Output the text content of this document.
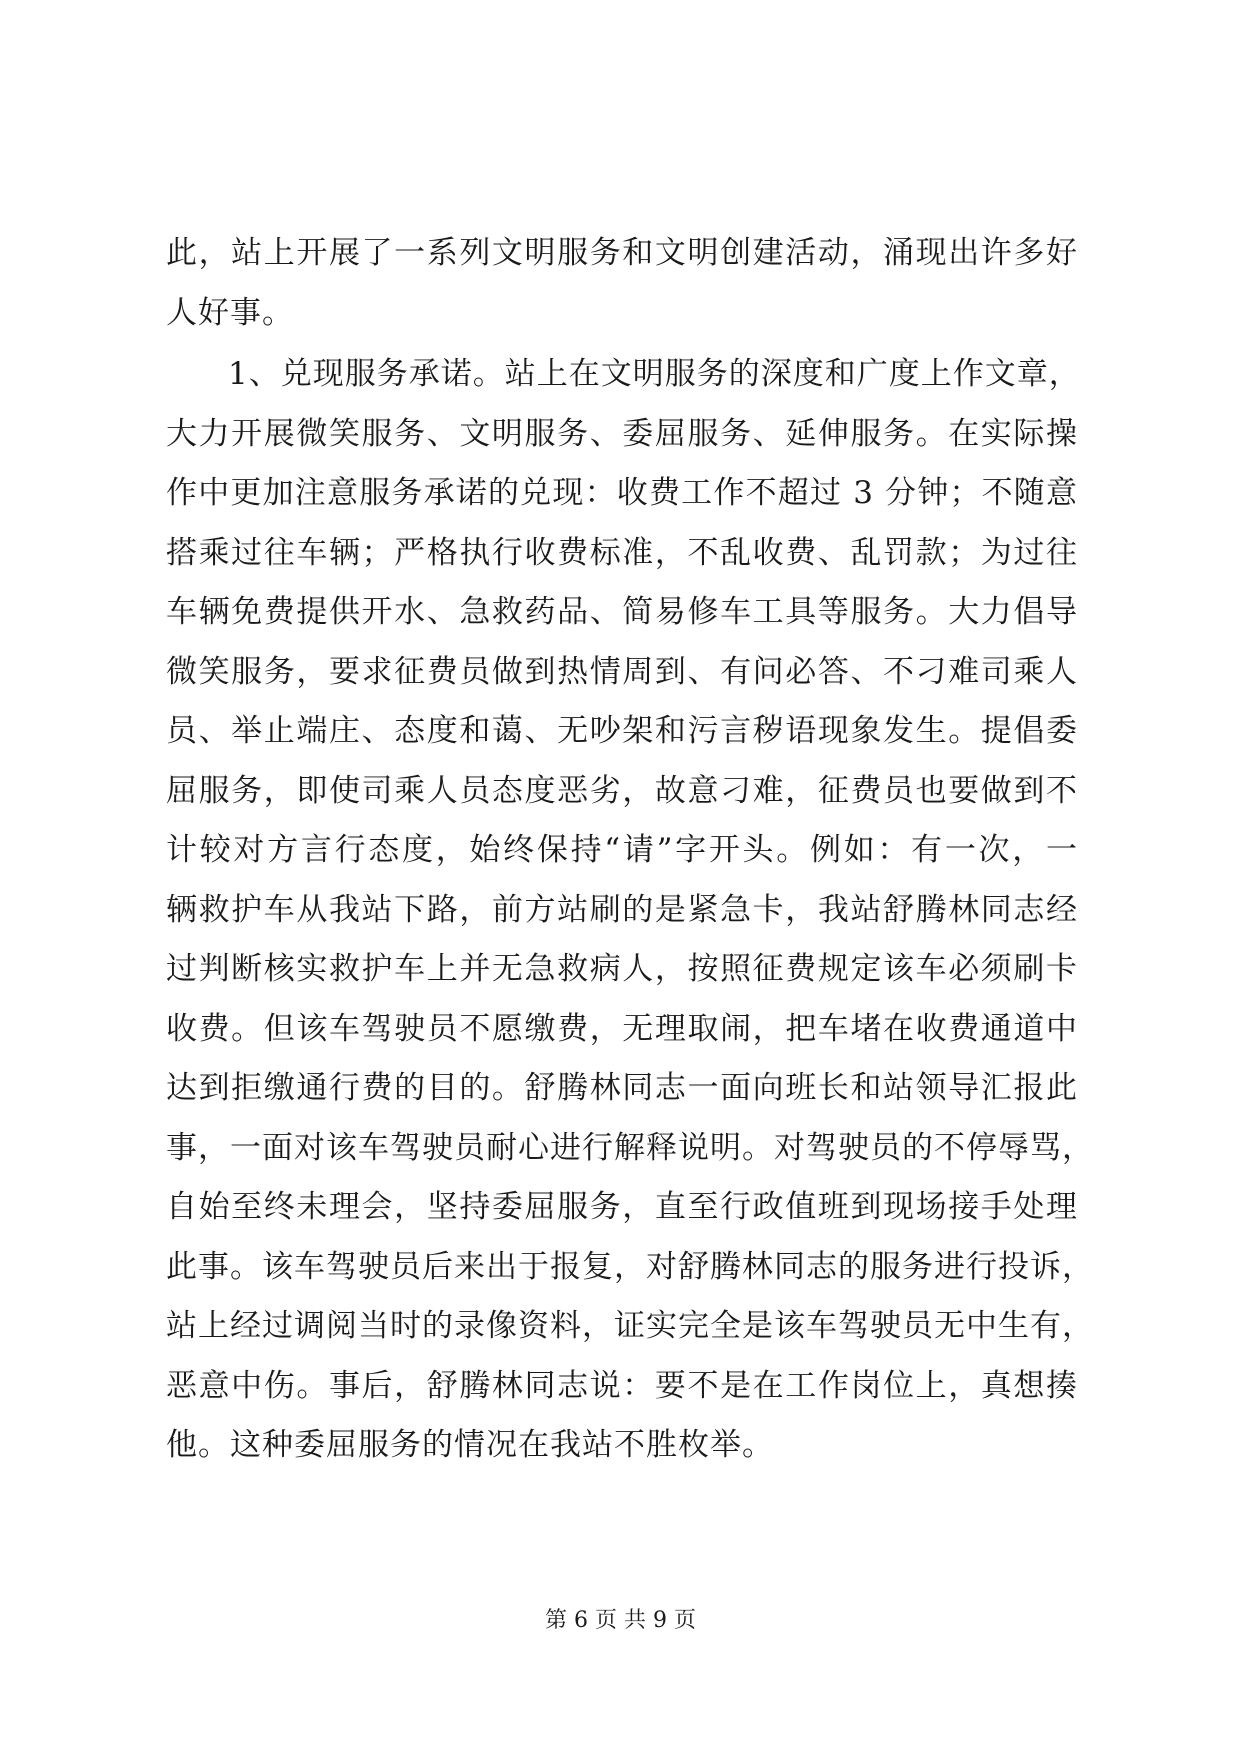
此，站上开展了一系列文明服务和文明创建活动，涌现出许多好
人好事。
1、兑现服务承诺。站上在文明服务的深度和广度上作文章，
大力开展微笑服务、文明服务、委屈服务、延伸服务。在实际操
作中更加注意服务承诺的兑现：收费工作不超过 3 分钟；不随意
搭乘过往车辆；严格执行收费标准，不乱收费、乱罚款；为过往
车辆免费提供开水、急救药品、简易修车工具等服务。大力倡导
微笑服务，要求征费员做到热情周到、有问必答、不刁难司乘人
员、举止端庄、态度和蔼、无吵架和污言秽语现象发生。提倡委
屈服务，即使司乘人员态度恶劣，故意刁难，征费员也要做到不
计较对方言行态度，始终保持“请”字开头。例如：有一次，一
辆救护车从我站下路，前方站刷的是紧急卡，我站舒腾林同志经
过判断核实救护车上并无急救病人，按照征费规定该车必须刷卡
收费。但该车驾驶员不愿缴费，无理取闹，把车堵在收费通道中
达到拒缴通行费的目的。舒腾林同志一面向班长和站领导汇报此
事，一面对该车驾驶员耐心进行解释说明。对驾驶员的不停辱骂，
自始至终未理会，坚持委屈服务，直至行政值班到现场接手处理
此事。该车驾驶员后来出于报复，对舒腾林同志的服务进行投诉，
站上经过调阅当时的录像资料，证实完全是该车驾驶员无中生有，
恶意中伤。事后，舒腾林同志说：要不是在工作岗位上，真想揍
他。这种委屈服务的情况在我站不胜枚举。
第 6 页 共 9 页
